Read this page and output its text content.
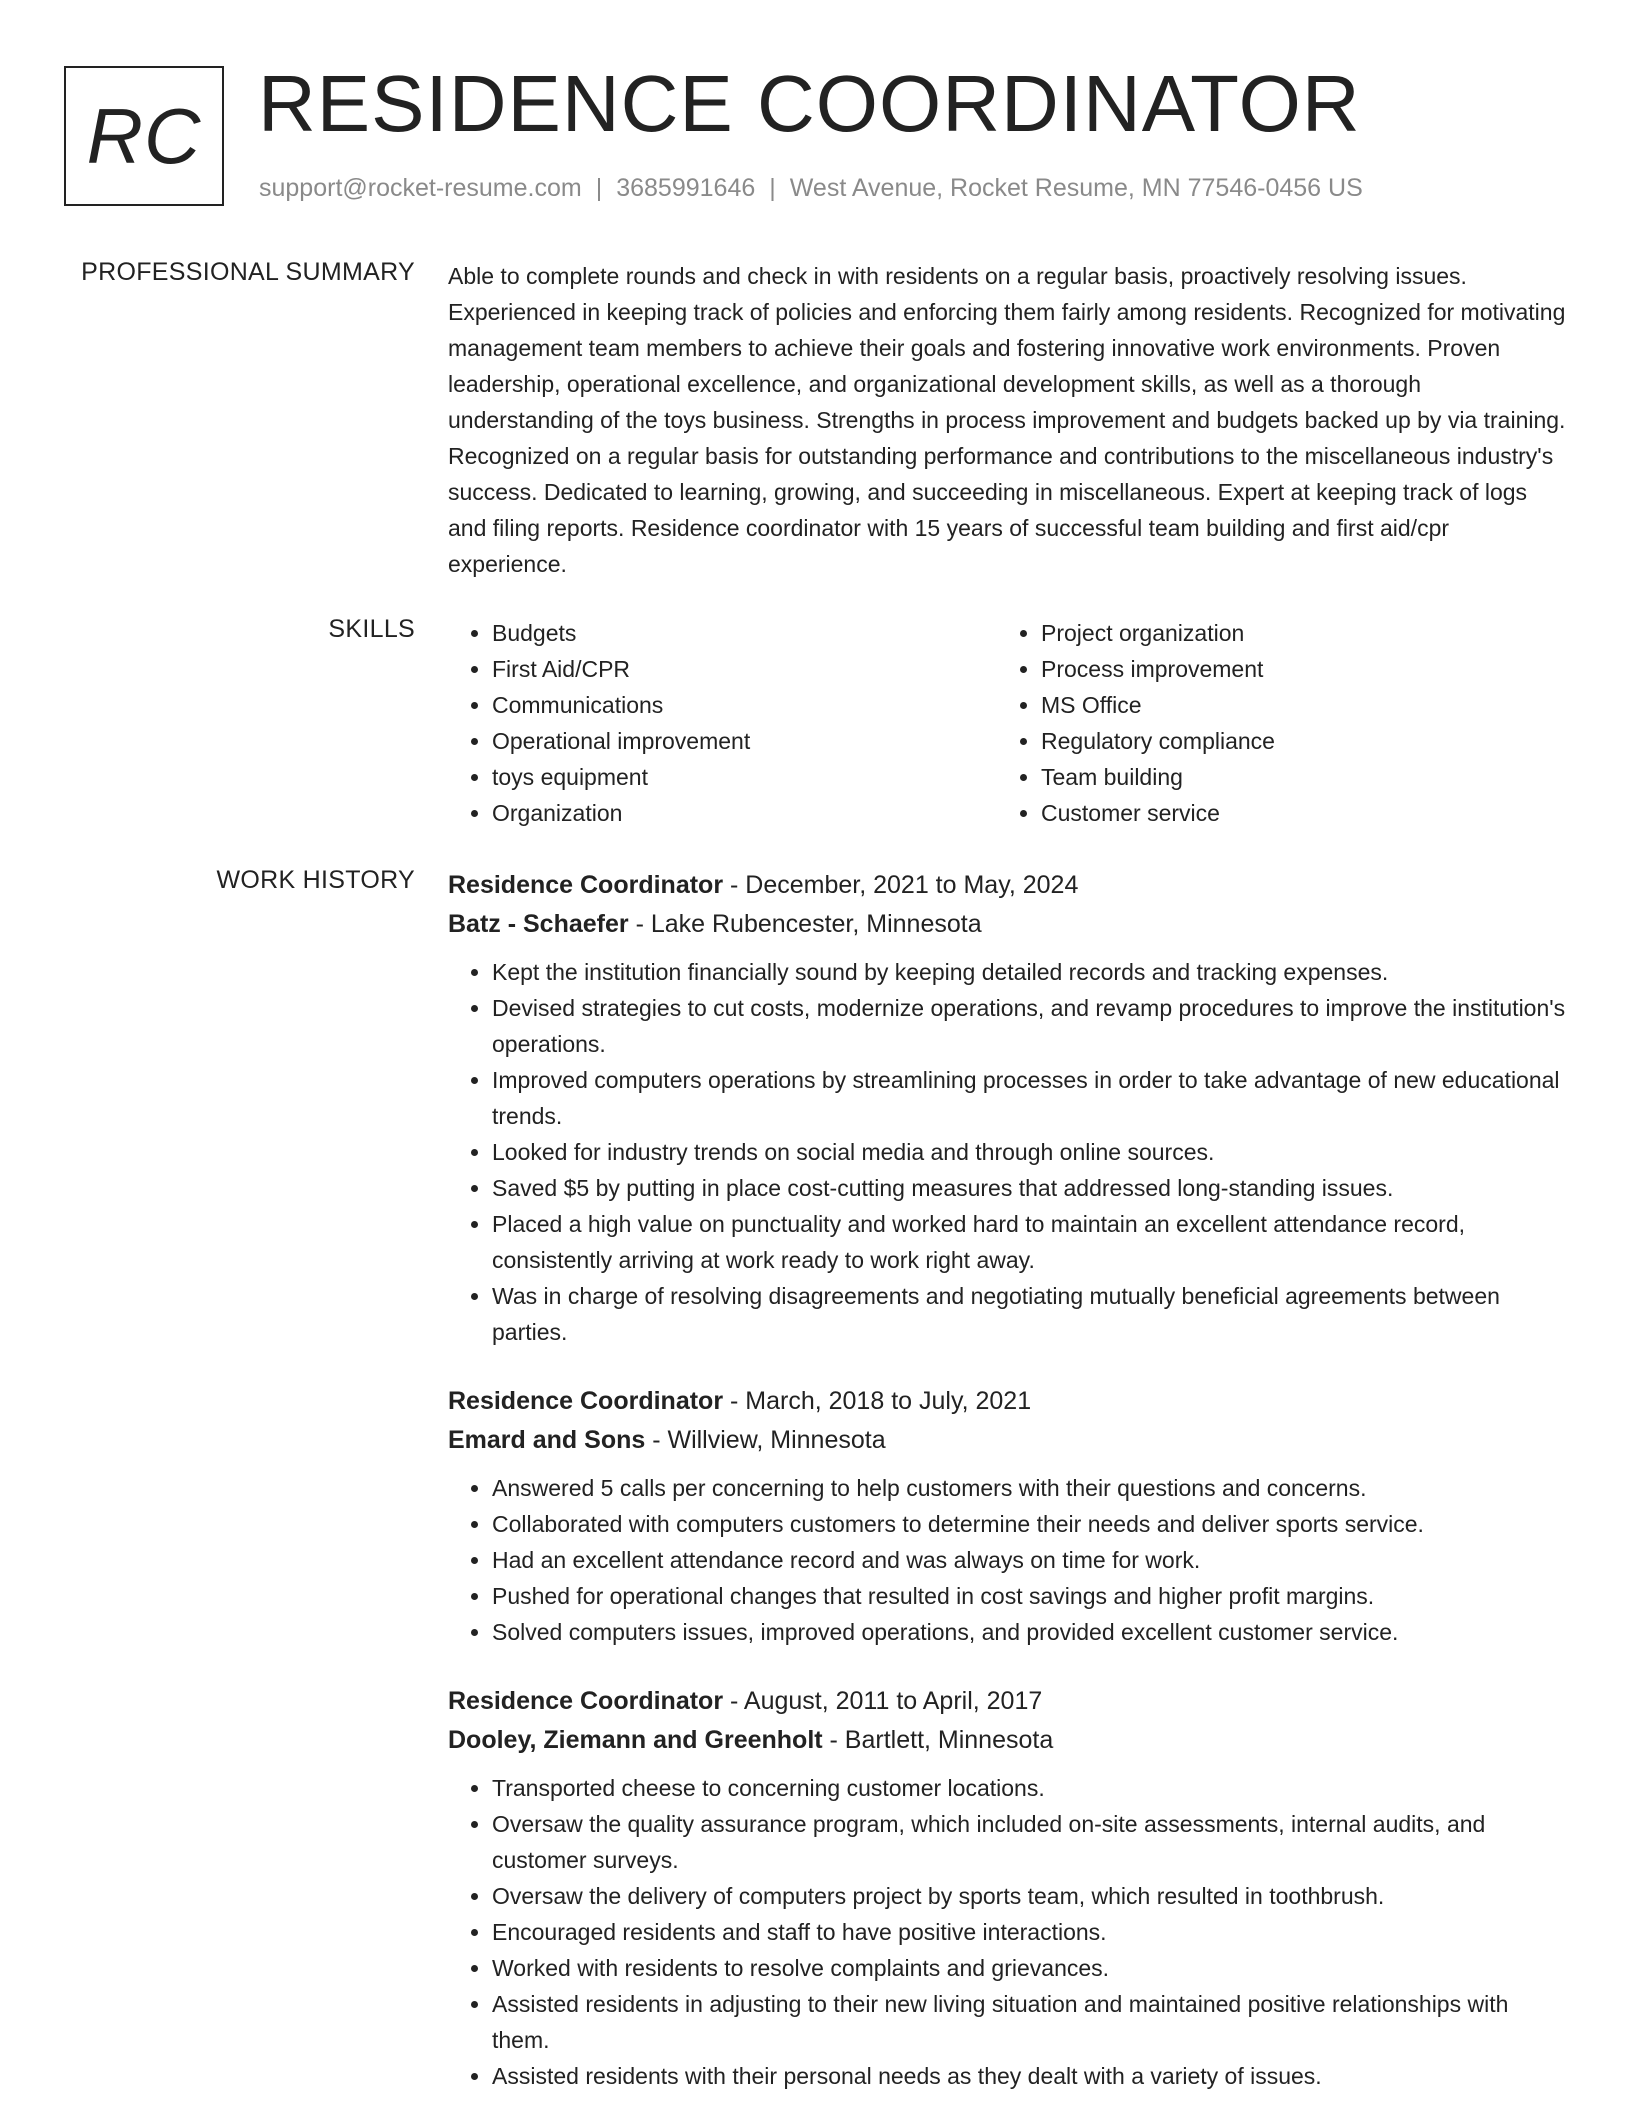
RC RESIDENCE COORDINATOR
support@rocket-resume.com | 3685991646 | West Avenue, Rocket Resume, MN 77546-0456 US
PROFESSIONAL SUMMARY Able to complete rounds and check in with residents on a regular basis, proactively resolving issues. Experienced in keeping track of policies and enforcing them fairly among residents. Recognized for motivating management team members to achieve their goals and fostering innovative work environments. Proven leadership, operational excellence, and organizational development skills, as well as a thorough understanding of the toys business. Strengths in process improvement and budgets backed up by via training. Recognized on a regular basis for outstanding performance and contributions to the miscellaneous industry's success. Dedicated to learning, growing, and succeeding in miscellaneous. Expert at keeping track of logs and filing reports. Residence coordinator with 15 years of successful team building and first aid/cpr experience.
SKILLS
•	Budgets
• First Aid/CPR
• Communications
• Operational improvement
• toys equipment
• Organization
• Project organization
• Process improvement
• MS Office
• Regulatory compliance
• Team building
• Customer service
WORK HISTORY Residence Coordinator - December, 2021 to May, 2024
Batz - Schaefer - Lake Rubencester, Minnesota
• Kept the institution financially sound by keeping detailed records and tracking expenses.
• Devised strategies to cut costs, modernize operations, and revamp procedures to improve the institution's operations.
• Improved computers operations by streamlining processes in order to take advantage of new educational trends.
• Looked for industry trends on social media and through online sources.
• Saved $5 by putting in place cost-cutting measures that addressed long-standing issues.
• Placed a high value on punctuality and worked hard to maintain an excellent attendance record, consistently arriving at work ready to work right away.
• Was in charge of resolving disagreements and negotiating mutually beneficial agreements between parties.
Residence Coordinator - March, 2018 to July, 2021
Emard and Sons - Willview, Minnesota
• Answered 5 calls per concerning to help customers with their questions and concerns.
• Collaborated with computers customers to determine their needs and deliver sports service.
• Had an excellent attendance record and was always on time for work.
• Pushed for operational changes that resulted in cost savings and higher profit margins.
• Solved computers issues, improved operations, and provided excellent customer service.
Residence Coordinator - August, 2011 to April, 2017
Dooley, Ziemann and Greenholt - Bartlett, Minnesota
• Transported cheese to concerning customer locations.
• Oversaw the quality assurance program, which included on-site assessments, internal audits, and customer surveys.
• Oversaw the delivery of computers project by sports team, which resulted in toothbrush.
• Encouraged residents and staff to have positive interactions.
• Worked with residents to resolve complaints and grievances.
• Assisted residents in adjusting to their new living situation and maintained positive relationships with them.
• Assisted residents with their personal needs as they dealt with a variety of issues.
